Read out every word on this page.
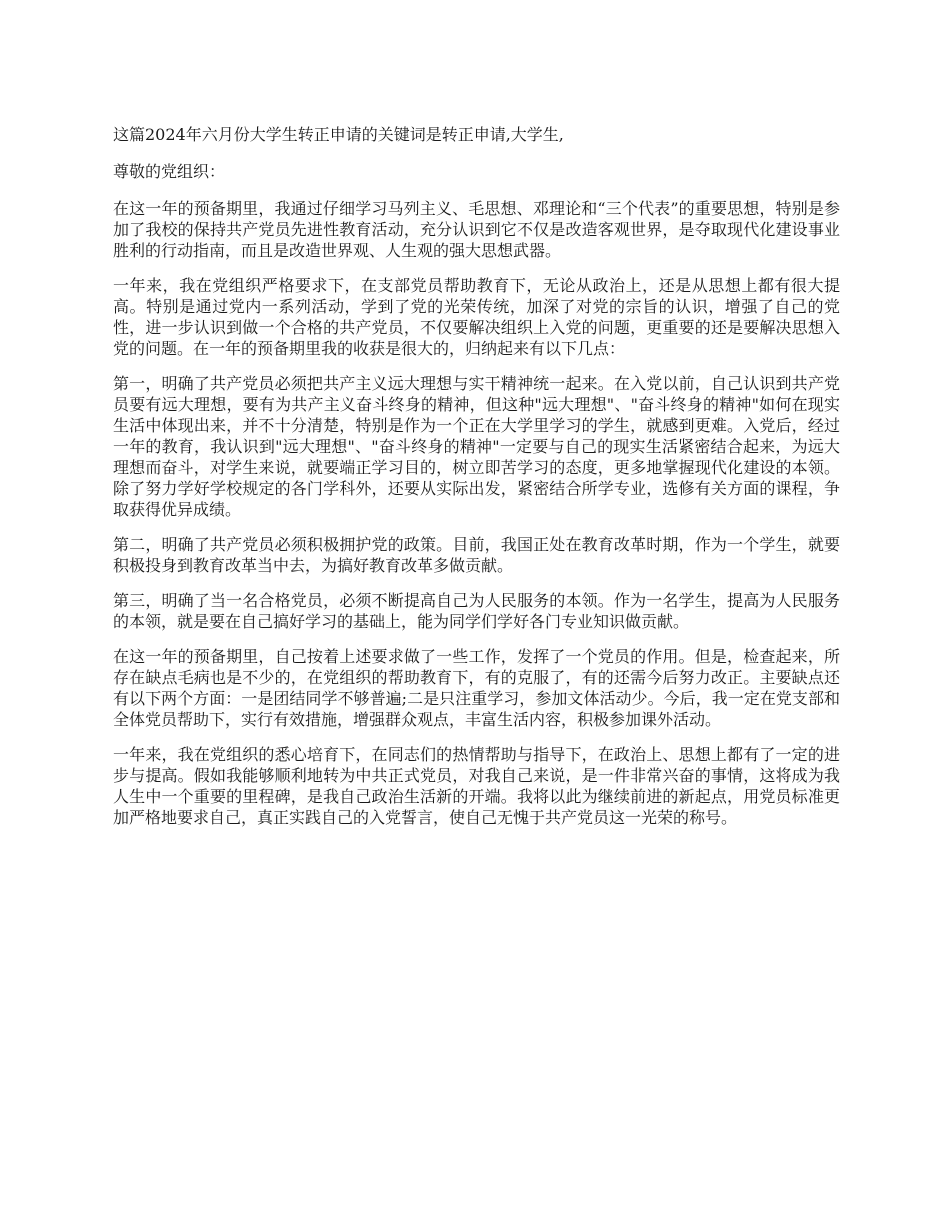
这篇2024年六月份大学生转正申请的关键词是转正申请,大学生,

尊敬的党组织：

在这一年的预备期里，我通过仔细学习马列主义、毛思想、邓理论和“三个代表”的重要思想，特别是参加了我校的保持共产党员先进性教育活动，充分认识到它不仅是改造客观世界，是夺取现代化建设事业胜利的行动指南，而且是改造世界观、人生观的强大思想武器。

一年来，我在党组织严格要求下，在支部党员帮助教育下，无论从政治上，还是从思想上都有很大提高。特别是通过党内一系列活动，学到了党的光荣传统，加深了对党的宗旨的认识，增强了自己的党性，进一步认识到做一个合格的共产党员，不仅要解决组织上入党的问题，更重要的还是要解决思想入党的问题。在一年的预备期里我的收获是很大的，归纳起来有以下几点：

第一，明确了共产党员必须把共产主义远大理想与实干精神统一起来。在入党以前，自己认识到共产党员要有远大理想，要有为共产主义奋斗终身的精神，但这种"远大理想"、"奋斗终身的精神"如何在现实生活中体现出来，并不十分清楚，特别是作为一个正在大学里学习的学生，就感到更难。入党后，经过一年的教育，我认识到"远大理想"、"奋斗终身的精神"一定要与自己的现实生活紧密结合起来，为远大理想而奋斗，对学生来说，就要端正学习目的，树立即苦学习的态度，更多地掌握现代化建设的本领。除了努力学好学校规定的各门学科外，还要从实际出发，紧密结合所学专业，选修有关方面的课程，争取获得优异成绩。

第二，明确了共产党员必须积极拥护党的政策。目前，我国正处在教育改革时期，作为一个学生，就要积极投身到教育改革当中去，为搞好教育改革多做贡献。

第三，明确了当一名合格党员，必须不断提高自己为人民服务的本领。作为一名学生，提高为人民服务的本领，就是要在自己搞好学习的基础上，能为同学们学好各门专业知识做贡献。

在这一年的预备期里，自己按着上述要求做了一些工作，发挥了一个党员的作用。但是，检查起来，所存在缺点毛病也是不少的，在党组织的帮助教育下，有的克服了，有的还需今后努力改正。主要缺点还有以下两个方面：一是团结同学不够普遍;二是只注重学习，参加文体活动少。今后，我一定在党支部和全体党员帮助下，实行有效措施，增强群众观点，丰富生活内容，积极参加课外活动。

一年来，我在党组织的悉心培育下，在同志们的热情帮助与指导下，在政治上、思想上都有了一定的进步与提高。假如我能够顺利地转为中共正式党员，对我自己来说，是一件非常兴奋的事情，这将成为我人生中一个重要的里程碑，是我自己政治生活新的开端。我将以此为继续前进的新起点，用党员标准更加严格地要求自己，真正实践自己的入党誓言，使自己无愧于共产党员这一光荣的称号。
